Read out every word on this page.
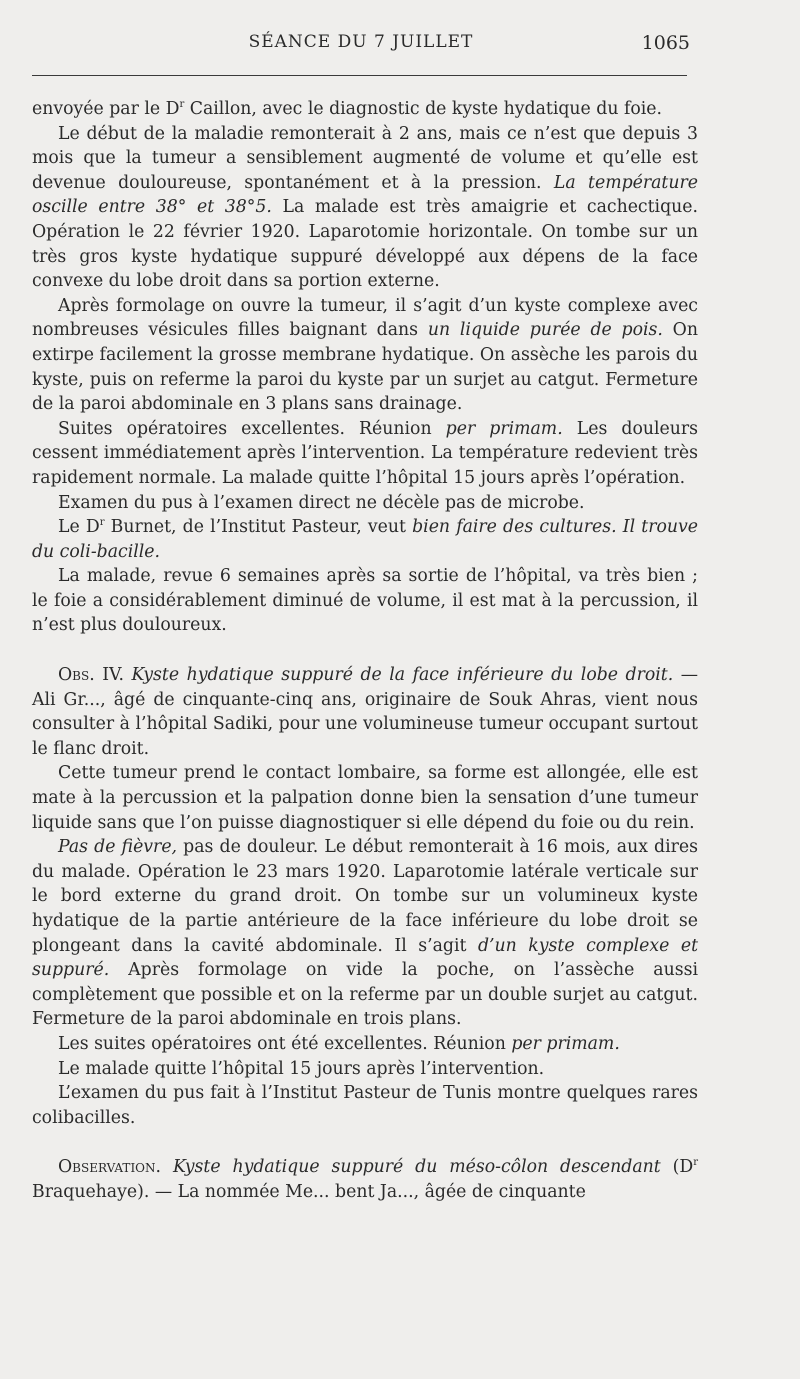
SÉANCE DU 7 JUILLET	1065

envoyée par le $D^r$ Caillon, avec le diagnostic de kyste hydatique du foie.

Le début de la maladie remonterait à 2 ans, mais ce n’est que depuis 3 mois que la tumeur a sensiblement augmenté de volume et qu’elle est devenue douloureuse, spontanément et à la pression. La température oscille entre 38° et 38°5. La malade est très amaigrie et cachectique. Opération le 22 février 1920. Laparotomie horizontale. On tombe sur un très gros kyste hydatique suppuré développé aux dépens de la face convexe du lobe droit dans sa portion externe.

Après formolage on ouvre la tumeur, il s’agit d’un kyste complexe avec nombreuses vésicules filles baignant dans un liquide purée de pois. On extirpe facilement la grosse membrane hydatique. On assèche les parois du kyste, puis on referme la paroi du kyste par un surjet au catgut. Fermeture de la paroi abdominale en 3 plans sans drainage.

Suites opératoires excellentes. Réunion per primam. Les douleurs cessent immédiatement après l’intervention. La température redevient très rapidement normale. La malade quitte l’hôpital 15 jours après l’opération.

Examen du pus à l’examen direct ne décèle pas de microbe.

Le $D^r$ Burnet, de l’Institut Pasteur, veut bien faire des cultures. Il trouve du coli-bacille.

La malade, revue 6 semaines après sa sortie de l’hôpital, va très bien ; le foie a considérablement diminué de volume, il est mat à la percussion, il n’est plus douloureux.

Obs. IV. Kyste hydatique suppuré de la face inférieure du lobe droit. — Ali Gr..., âgé de cinquante-cinq ans, originaire de Souk Ahras, vient nous consulter à l’hôpital Sadiki, pour une volumineuse tumeur occupant surtout le flanc droit.

Cette tumeur prend le contact lombaire, sa forme est allongée, elle est mate à la percussion et la palpation donne bien la sensation d’une tumeur liquide sans que l’on puisse diagnostiquer si elle dépend du foie ou du rein.

Pas de fièvre, pas de douleur. Le début remonterait à 16 mois, aux dires du malade. Opération le 23 mars 1920. Laparotomie latérale verticale sur le bord externe du grand droit. On tombe sur un volumineux kyste hydatique de la partie antérieure de la face inférieure du lobe droit se plongeant dans la cavité abdominale. Il s’agit d’un kyste complexe et suppuré. Après formolage on vide la poche, on l’assèche aussi complètement que possible et on la referme par un double surjet au catgut. Fermeture de la paroi abdominale en trois plans.

Les suites opératoires ont été excellentes. Réunion per primam.

Le malade quitte l’hôpital 15 jours après l’intervention.

L’examen du pus fait à l’Institut Pasteur de Tunis montre quelques rares colibacilles.

Observation. Kyste hydatique suppuré du méso-côlon descendant ($D^r$ Braquehaye). — La nommée Me... bent Ja..., âgée de cinquante
